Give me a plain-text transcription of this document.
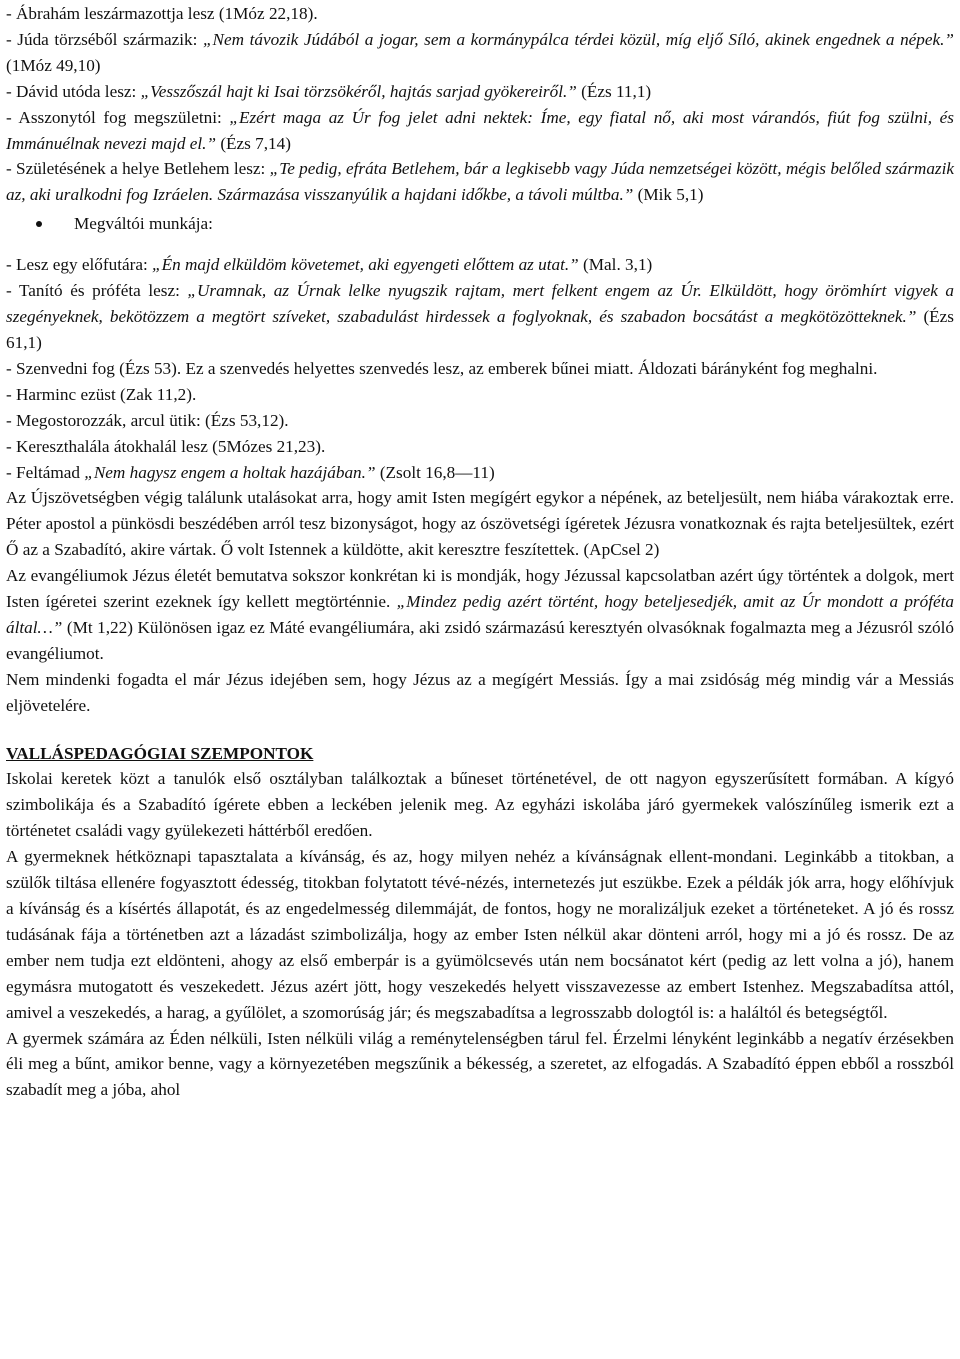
- Ábrahám leszármazottja lesz (1Móz 22,18).

- Júda törzséből származik: „Nem távozik Júdából a jogar, sem a kormánypálca térdei közül, míg eljő Síló, akinek engednek a népek.” (1Móz 49,10)

- Dávid utóda lesz: „Vesszőszál hajt ki Isai törzsökéről, hajtás sarjad gyökereiről.” (Ézs 11,1)

- Asszonytól fog megszületni: „Ezért maga az Úr fog jelet adni nektek: Íme, egy fiatal nő, aki most várandós, fiút fog szülni, és Immánuélnak nevezi majd el.” (Ézs 7,14)

- Születésének a helye Betlehem lesz: „Te pedig, efráta Betlehem, bár a legkisebb vagy Júda nemzetségei között, mégis belőled származik az, aki uralkodni fog Izráelen. Származása visszanyúlik a hajdani időkbe, a távoli múltba.” (Mik 5,1)

Megváltói munkája:

- Lesz egy előfutára: „Én majd elküldöm követemet, aki egyengeti előttem az utat.” (Mal. 3,1)

- Tanító és próféta lesz: „Uramnak, az Úrnak lelke nyugszik rajtam, mert felkent engem az Úr. Elküldött, hogy örömhírt vigyek a szegényeknek, bekötözzem a megtört szíveket, szabadulást hirdessek a foglyoknak, és szabadon bocsátást a megkötözötteknek.” (Ézs 61,1)

- Szenvedni fog (Ézs 53). Ez a szenvedés helyettes szenvedés lesz, az emberek bűnei miatt. Áldozati bárányként fog meghalni.

- Harminc ezüst (Zak 11,2).

- Megostorozzák, arcul ütik: (Ézs 53,12).

- Kereszthalála átokhalál lesz (5Mózes 21,23).

- Feltámad „Nem hagysz engem a holtak hazájában.” (Zsolt 16,8—11)

Az Újszövetségben végig találunk utalásokat arra, hogy amit Isten megígért egykor a népének, az beteljesült, nem hiába várakoztak erre. Péter apostol a pünkösdi beszédében arról tesz bizonyságot, hogy az ószövetségi ígéretek Jézusra vonatkoznak és rajta beteljesültek, ezért Ő az a Szabadító, akire vártak. Ő volt Istennek a küldötte, akit keresztre feszítettek. (ApCsel 2)

Az evangéliumok Jézus életét bemutatva sokszor konkrétan ki is mondják, hogy Jézussal kapcsolatban azért úgy történtek a dolgok, mert Isten ígéretei szerint ezeknek így kellett megtörténnie. „Mindez pedig azért történt, hogy beteljesedjék, amit az Úr mondott a próféta által…” (Mt 1,22) Különösen igaz ez Máté evangéliumára, aki zsidó származású keresztyén olvasóknak fogalmazta meg a Jézusról szóló evangéliumot.

Nem mindenki fogadta el már Jézus idejében sem, hogy Jézus az a megígért Messiás. Így a mai zsidóság még mindig vár a Messiás eljövetelére.

VALLÁSPEDAGÓGIAI SZEMPONTOK

Iskolai keretek közt a tanulók első osztályban találkoztak a bűneset történetével, de ott nagyon egyszerűsített formában. A kígyó szimbolikája és a Szabadító ígérete ebben a leckében jelenik meg. Az egyházi iskolába járó gyermekek valószínűleg ismerik ezt a történetet családi vagy gyülekezeti háttérből eredően.

A gyermeknek hétköznapi tapasztalata a kívánság, és az, hogy milyen nehéz a kívánságnak ellent-mondani. Leginkább a titokban, a szülők tiltása ellenére fogyasztott édesség, titokban folytatott tévé-nézés, internetezés jut eszükbe. Ezek a példák jók arra, hogy előhívjuk a kívánság és a kísértés állapotát, és az engedelmesség dilemmáját, de fontos, hogy ne moralizáljuk ezeket a történeteket. A jó és rossz tudásának fája a történetben azt a lázadást szimbolizálja, hogy az ember Isten nélkül akar dönteni arról, hogy mi a jó és rossz. De az ember nem tudja ezt eldönteni, ahogy az első emberpár is a gyümölcsevés után nem bocsánatot kért (pedig az lett volna a jó), hanem egymásra mutogatott és veszekedett. Jézus azért jött, hogy veszekedés helyett visszavezesse az embert Istenhez. Megszabadítsa attól, amivel a veszekedés, a harag, a gyűlölet, a szomorúság jár; és megszabadítsa a legrosszabb dologtól is: a haláltól és betegségtől.

A gyermek számára az Éden nélküli, Isten nélküli világ a reménytelenségben tárul fel. Érzelmi lényként leginkább a negatív érzésekben éli meg a bűnt, amikor benne, vagy a környezetében megszűnik a békesség, a szeretet, az elfogadás. A Szabadító éppen ebből a rosszból szabadít meg a jóba, ahol
